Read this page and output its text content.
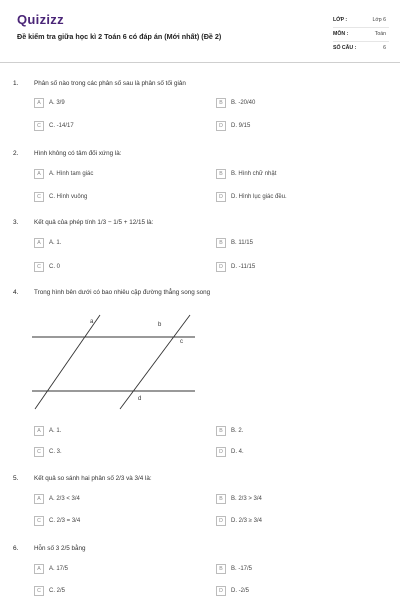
Quizizz
Đề kiểm tra giữa học kì 2 Toán 6 có đáp án (Mới nhất) (Đề 2)
LỚP :	Lớp 6
MÔN :	Toán
SỐ CÂU :	6
1. Phân số nào trong các phân số sau là phân số tối giản
A	A. 3/9	B	B. -20/40
C	C. -14/17	D	D. 9/15
2. Hình không có tâm đối xứng là:
A	A. Hình tam giác	B	B. Hình chữ nhật
C	C. Hình vuông	D	D. Hình lục giác đều.
3. Kết quả của phép tính 1/3 − 1/5 + 12/15 là:
A	A. 1.	B	B. 11/15
C	C. 0	D	D. -11/15
4. Trong hình bên dưới có bao nhiêu cặp đường thẳng song song
a	b
c
d
A	A. 1.	B	B. 2.
C	C. 3.	D	D. 4.
5. Kết quả so sánh hai phân số 2/3 và 3/4 là:
A	A. 2/3 < 3/4	B	B. 2/3 > 3/4
C	C. 2/3 = 3/4	D	D. 2/3 ≥ 3/4
6. Hỗn số 3 2/5 bằng
A	A. 17/5	B	B. -17/5
C	C. 2/5	D	D. -2/5
